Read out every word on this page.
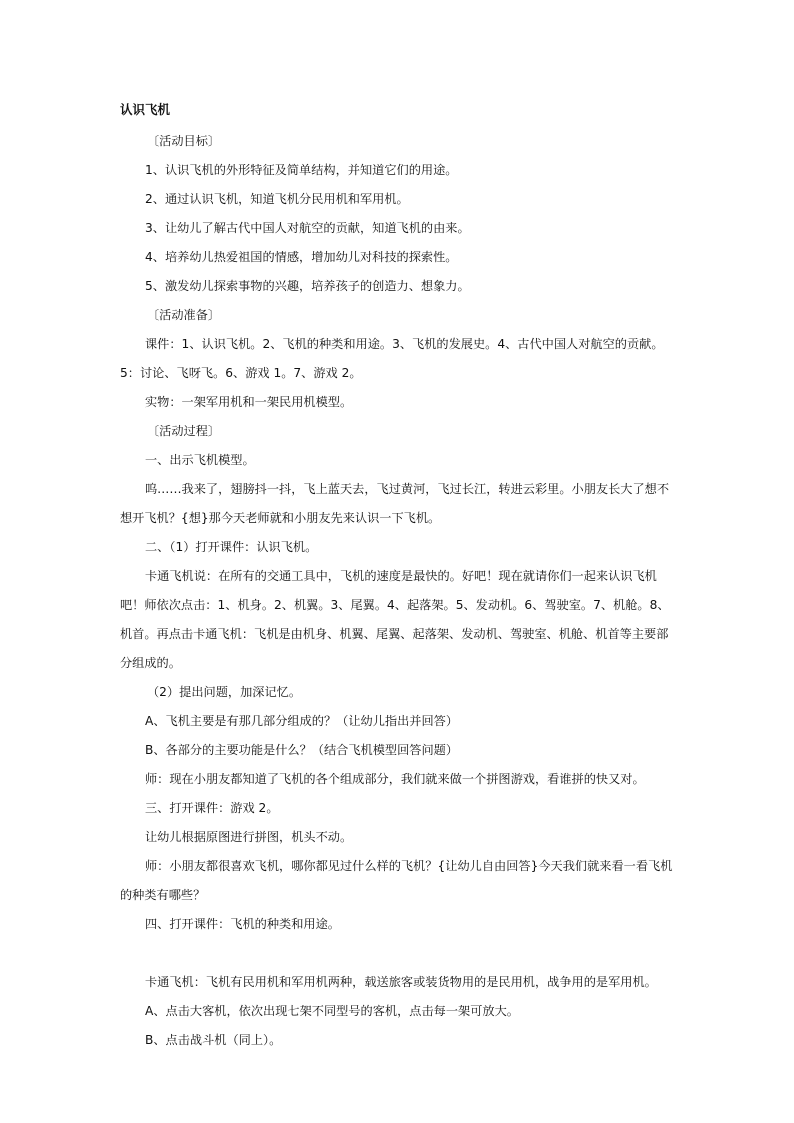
认识飞机

〔活动目标〕

1、认识飞机的外形特征及简单结构，并知道它们的用途。

2、通过认识飞机，知道飞机分民用机和军用机。

3、让幼儿了解古代中国人对航空的贡献，知道飞机的由来。

4、培养幼儿热爱祖国的情感，增加幼儿对科技的探索性。

5、激发幼儿探索事物的兴趣，培养孩子的创造力、想象力。

〔活动准备〕

课件：1、认识飞机。2、飞机的种类和用途。3、飞机的发展史。4、古代中国人对航空的贡献。5：讨论、飞呀飞。6、游戏 1。7、游戏 2。

实物：一架军用机和一架民用机模型。

〔活动过程〕

一、出示飞机模型。

呜……我来了，翅膀抖一抖，飞上蓝天去，飞过黄河，飞过长江，转进云彩里。小朋友长大了想不想开飞机？{想}那今天老师就和小朋友先来认识一下飞机。

二、（1）打开课件：认识飞机。

卡通飞机说：在所有的交通工具中，飞机的速度是最快的。好吧！现在就请你们一起来认识飞机吧！师依次点击：1、机身。2、机翼。3、尾翼。4、起落架。5、发动机。6、驾驶室。7、机舱。8、机首。再点击卡通飞机：飞机是由机身、机翼、尾翼、起落架、发动机、驾驶室、机舱、机首等主要部分组成的。

（2）提出问题，加深记忆。

A、飞机主要是有那几部分组成的？（让幼儿指出并回答）

B、各部分的主要功能是什么？（结合飞机模型回答问题）

师：现在小朋友都知道了飞机的各个组成部分，我们就来做一个拼图游戏，看谁拼的快又对。

三、打开课件：游戏 2。

让幼儿根据原图进行拼图，机头不动。

师：小朋友都很喜欢飞机，哪你都见过什么样的飞机？{让幼儿自由回答}今天我们就来看一看飞机的种类有哪些？

四、打开课件：飞机的种类和用途。

卡通飞机：飞机有民用机和军用机两种，载送旅客或装货物用的是民用机，战争用的是军用机。

A、点击大客机，依次出现七架不同型号的客机，点击每一架可放大。

B、点击战斗机（同上）。
